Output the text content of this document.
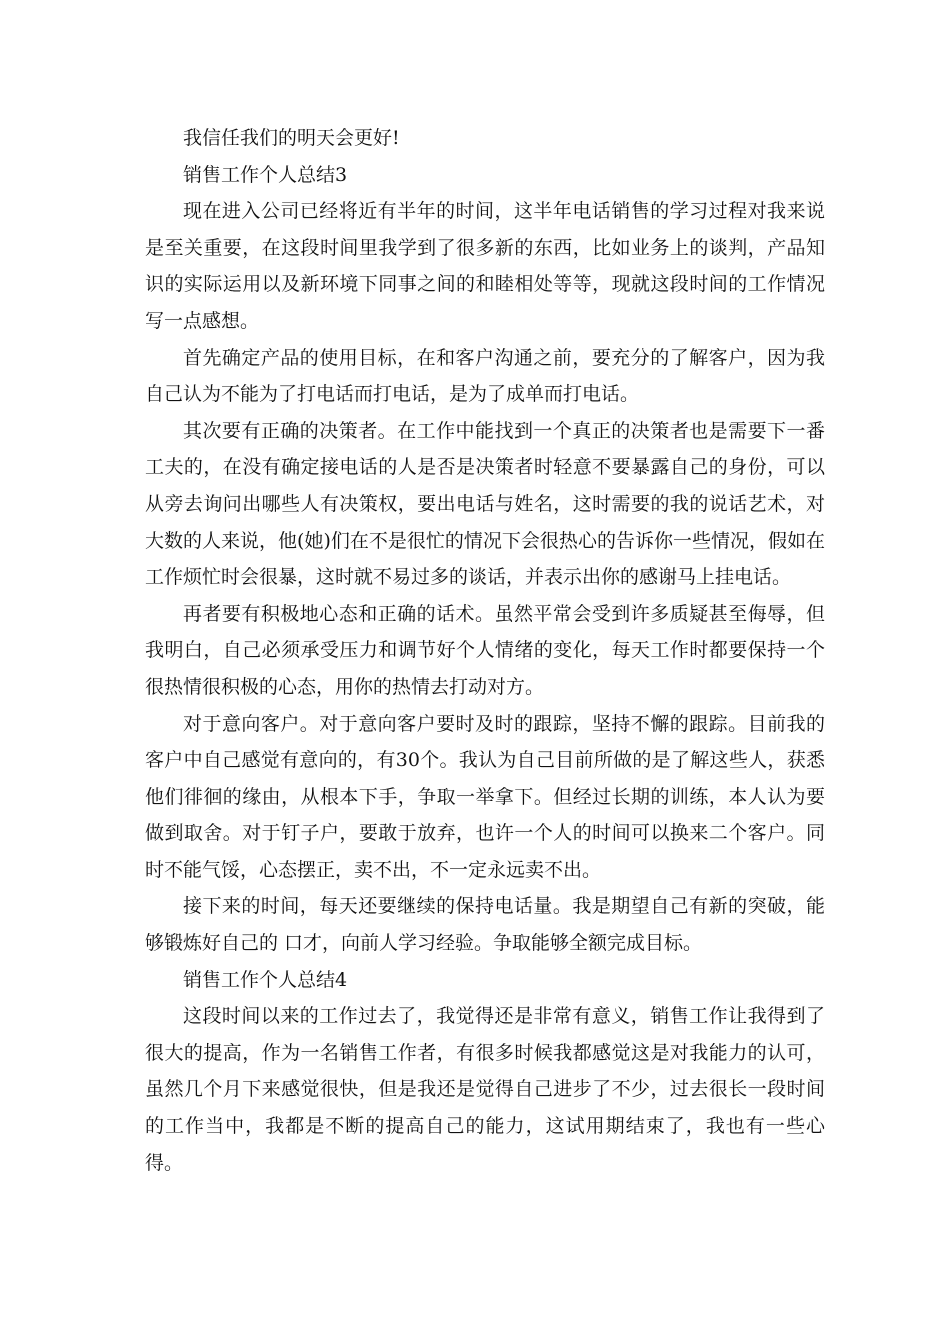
我信任我们的明天会更好!

销售工作个人总结3

现在进入公司已经将近有半年的时间，这半年电话销售的学习过程对我来说是至关重要，在这段时间里我学到了很多新的东西，比如业务上的谈判，产品知识的实际运用以及新环境下同事之间的和睦相处等等，现就这段时间的工作情况写一点感想。

首先确定产品的使用目标，在和客户沟通之前，要充分的了解客户，因为我自己认为不能为了打电话而打电话，是为了成单而打电话。

其次要有正确的决策者。在工作中能找到一个真正的决策者也是需要下一番工夫的，在没有确定接电话的人是否是决策者时轻意不要暴露自己的身份，可以从旁去询问出哪些人有决策权，要出电话与姓名，这时需要的我的说话艺术，对大数的人来说，他(她)们在不是很忙的情况下会很热心的告诉你一些情况，假如在工作烦忙时会很暴，这时就不易过多的谈话，并表示出你的感谢马上挂电话。

再者要有积极地心态和正确的话术。虽然平常会受到许多质疑甚至侮辱，但我明白，自己必须承受压力和调节好个人情绪的变化，每天工作时都要保持一个很热情很积极的心态，用你的热情去打动对方。

对于意向客户。对于意向客户要时及时的跟踪，坚持不懈的跟踪。目前我的客户中自己感觉有意向的，有30个。我认为自己目前所做的是了解这些人，获悉他们徘徊的缘由，从根本下手，争取一举拿下。但经过长期的训练，本人认为要做到取舍。对于钉子户，要敢于放弃，也许一个人的时间可以换来二个客户。同时不能气馁，心态摆正，卖不出，不一定永远卖不出。

接下来的时间，每天还要继续的保持电话量。我是期望自己有新的突破，能够锻炼好自己的 口才，向前人学习经验。争取能够全额完成目标。

销售工作个人总结4

这段时间以来的工作过去了，我觉得还是非常有意义，销售工作让我得到了很大的提高，作为一名销售工作者，有很多时候我都感觉这是对我能力的认可，虽然几个月下来感觉很快，但是我还是觉得自己进步了不少，过去很长一段时间的工作当中，我都是不断的提高自己的能力，这试用期结束了，我也有一些心得。
